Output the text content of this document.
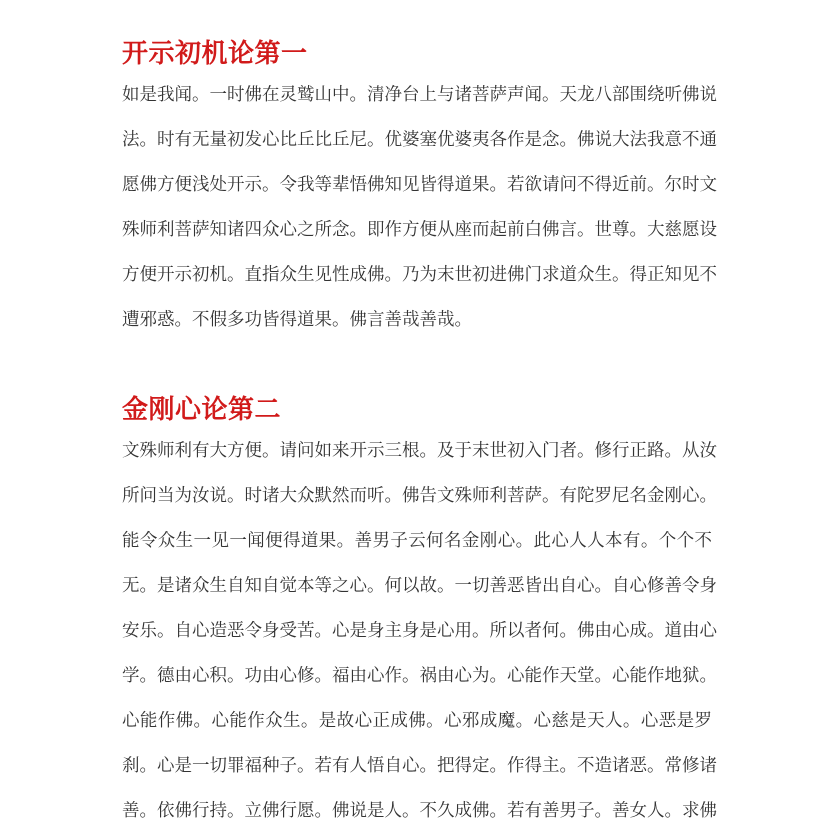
开示初机论第一

如是我闻。一时佛在灵鹫山中。清净台上与诸菩萨声闻。天龙八部围绕听佛说
法。时有无量初发心比丘比丘尼。优婆塞优婆夷各作是念。佛说大法我意不通
愿佛方便浅处开示。令我等辈悟佛知见皆得道果。若欲请问不得近前。尔时文
殊师利菩萨知诸四众心之所念。即作方便从座而起前白佛言。世尊。大慈愿设
方便开示初机。直指众生见性成佛。乃为末世初进佛门求道众生。得正知见不
遭邪惑。不假多功皆得道果。佛言善哉善哉。

金刚心论第二

文殊师利有大方便。请问如来开示三根。及于末世初入门者。修行正路。从汝
所问当为汝说。时诸大众默然而听。佛告文殊师利菩萨。有陀罗尼名金刚心。
能令众生一见一闻便得道果。善男子云何名金刚心。此心人人本有。个个不
无。是诸众生自知自觉本等之心。何以故。一切善恶皆出自心。自心修善令身
安乐。自心造恶令身受苦。心是身主身是心用。所以者何。佛由心成。道由心
学。德由心积。功由心修。福由心作。祸由心为。心能作天堂。心能作地狱。
心能作佛。心能作众生。是故心正成佛。心邪成魔。心慈是天人。心恶是罗
刹。心是一切罪福种子。若有人悟自心。把得定。作得主。不造诸恶。常修诸
善。依佛行持。立佛行愿。佛说是人。不久成佛。若有善男子。善女人。求佛
